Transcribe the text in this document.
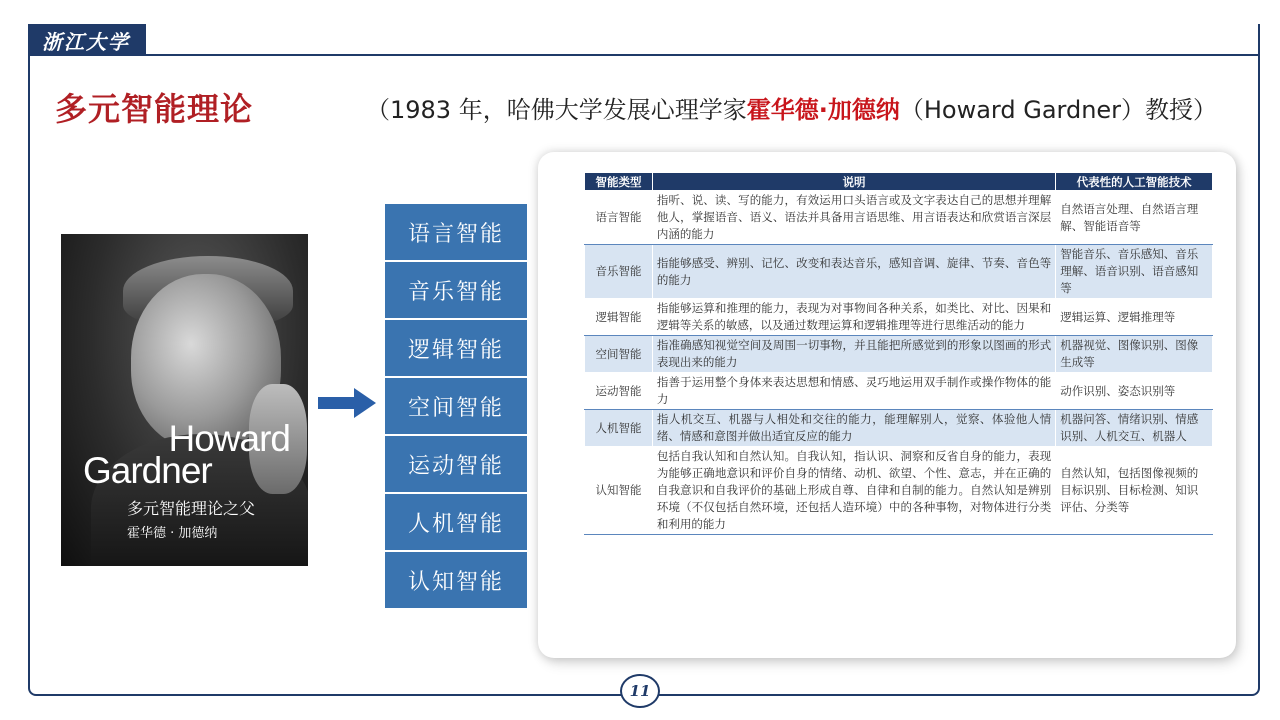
浙江大学
多元智能理论	（1983 年，哈佛大学发展心理学家霍华德·加德纳（Howard Gardner）教授）
Howard
Gardner
多元智能理论之父
霍华德 · 加德纳
语言智能
音乐智能
逻辑智能
空间智能
运动智能
人机智能
认知智能
智能类型	说明	代表性的人工智能技术
语言智能	指听、说、读、写的能力，有效运用口头语言或及文字表达自己的思想并理解他人，掌握语音、语义、语法并具备用言语思维、用言语表达和欣赏语言深层内涵的能力	自然语言处理、自然语言理解、智能语音等
音乐智能	指能够感受、辨别、记忆、改变和表达音乐，感知音调、旋律、节奏、音色等的能力	智能音乐、音乐感知、音乐理解、语音识别、语音感知等
逻辑智能	指能够运算和推理的能力，表现为对事物间各种关系，如类比、对比、因果和逻辑等关系的敏感，以及通过数理运算和逻辑推理等进行思维活动的能力	逻辑运算、逻辑推理等
空间智能	指准确感知视觉空间及周围一切事物，并且能把所感觉到的形象以图画的形式表现出来的能力	机器视觉、图像识别、图像生成等
运动智能	指善于运用整个身体来表达思想和情感、灵巧地运用双手制作或操作物体的能力	动作识别、姿态识别等
人机智能	指人机交互、机器与人相处和交往的能力，能理解别人，觉察、体验他人情绪、情感和意图并做出适宜反应的能力	机器问答、情绪识别、情感识别、人机交互、机器人
认知智能	包括自我认知和自然认知。自我认知，指认识、洞察和反省自身的能力，表现为能够正确地意识和评价自身的情绪、动机、欲望、个性、意志，并在正确的自我意识和自我评价的基础上形成自尊、自律和自制的能力。自然认知是辨别环境（不仅包括自然环境，还包括人造环境）中的各种事物，对物体进行分类和利用的能力	自然认知，包括图像视频的目标识别、目标检测、知识评估、分类等
11
